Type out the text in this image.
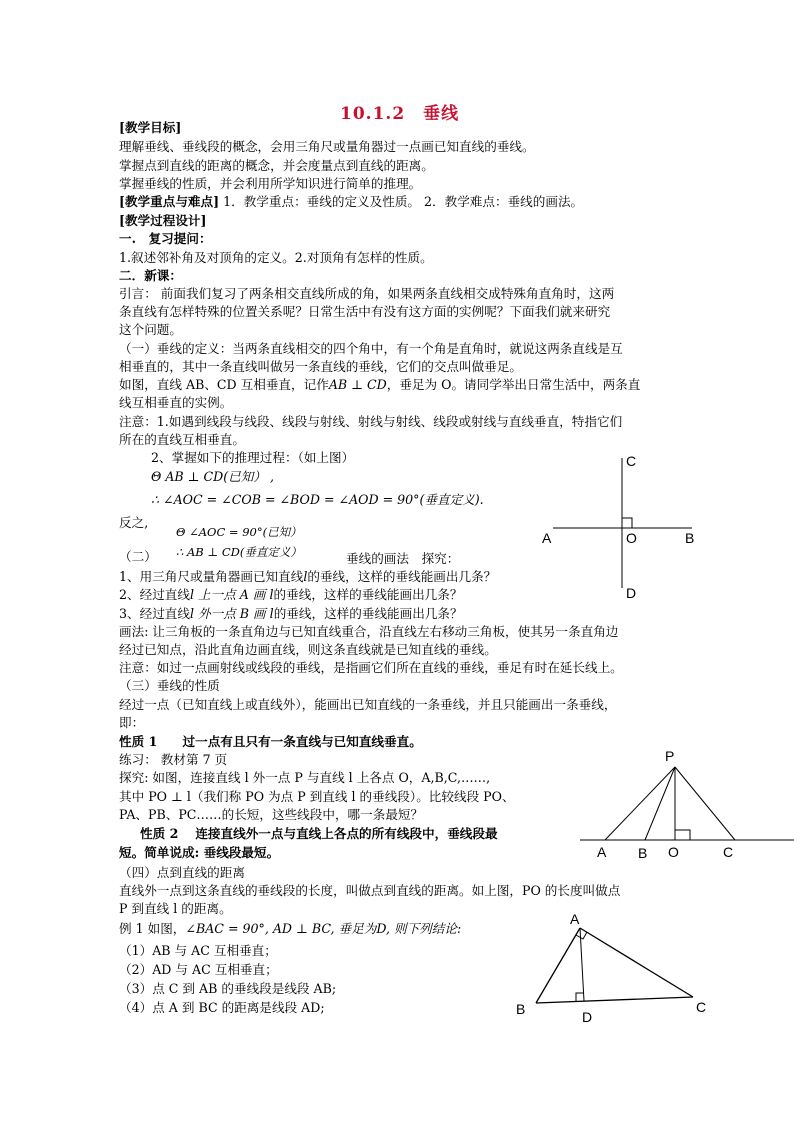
10.1.2　垂线
[教学目标]
理解垂线、垂线段的概念，会用三角尺或量角器过一点画已知直线的垂线。
掌握点到直线的距离的概念，并会度量点到直线的距离。
掌握垂线的性质，并会利用所学知识进行简单的推理。
[教学重点与难点] 1．教学重点：垂线的定义及性质。 2．教学难点：垂线的画法。
[教学过程设计]
一.　复习提问：
1.叙述邻补角及对顶角的定义。2.对顶角有怎样的性质。
二．新课：
引言： 前面我们复习了两条相交直线所成的角，如果两条直线相交成特殊角直角时，这两
条直线有怎样特殊的位置关系呢？日常生活中有没有这方面的实例呢？下面我们就来研究
这个问题。
（一）垂线的定义：当两条直线相交的四个角中，有一个角是直角时，就说这两条直线是互
相垂直的，其中一条直线叫做另一条直线的垂线，它们的交点叫做垂足。
如图，直线 AB、CD 互相垂直，记作AB ⊥ CD，垂足为 O。请同学举出日常生活中，两条直
线互相垂直的实例。
注意：1.如遇到线段与线段、线段与射线、射线与射线、线段或射线与直线垂直，特指它们
所在的直线互相垂直。
2、掌握如下的推理过程：（如上图）
Θ AB ⊥ CD(已知） ,
∴ ∠AOC = ∠COB = ∠BOD = ∠AOD = 90°(垂直定义).
反之,
Θ ∠AOC = 90°(已知）
（二） ∴ AB ⊥ CD(垂直定义）	垂线的画法　探究：
1、用三角尺或量角器画已知直线l的垂线，这样的垂线能画出几条？
2、经过直线l 上一点 A 画 l的垂线，这样的垂线能画出几条？
3、经过直线l 外一点 B 画 l的垂线，这样的垂线能画出几条？
画法: 让三角板的一条直角边与已知直线重合，沿直线左右移动三角板，使其另一条直角边
经过已知点，沿此直角边画直线，则这条直线就是已知直线的垂线。
注意：如过一点画射线或线段的垂线，是指画它们所在直线的垂线，垂足有时在延长线上。
（三）垂线的性质
经过一点（已知直线上或直线外），能画出已知直线的一条垂线，并且只能画出一条垂线，
即：
性质 1　　过一点有且只有一条直线与已知直线垂直。
练习： 教材第 7 页
探究: 如图，连接直线 l 外一点 P 与直线 l 上各点 O，A,B,C,……,
其中 PO ⊥ l（我们称 PO 为点 P 到直线 l 的垂线段）。比较线段 PO、
PA、PB、PC……的长短，这些线段中，哪一条最短？
性质 2　 连接直线外一点与直线上各点的所有线段中，垂线段最
短。简单说成: 垂线段最短。
（四）点到直线的距离
直线外一点到这条直线的垂线段的长度，叫做点到直线的距离。如上图，PO 的长度叫做点
P 到直线 l 的距离。
例 1 如图，∠BAC = 90°, AD ⊥ BC, 垂足为D, 则下列结论:
（1）AB 与 AC 互相垂直；
（2）AD 与 AC 互相垂直；
（3）点 C 到 AB 的垂线段是线段 AB;
（4）点 A 到 BC 的距离是线段 AD;
C
A	O	B
D
P
A B O	C
A
B	D
C
